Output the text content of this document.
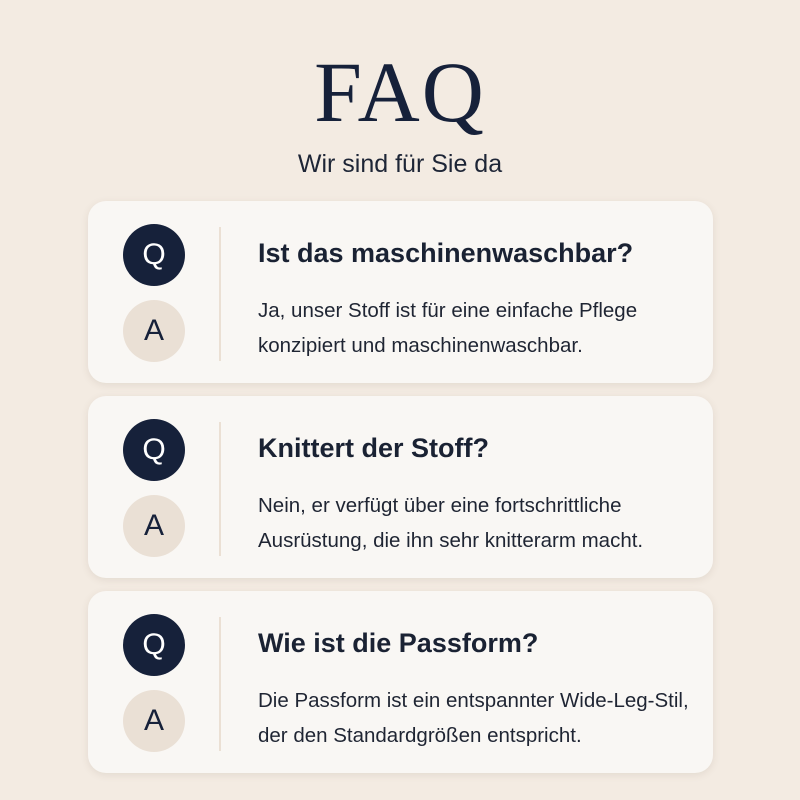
FAQ
Wir sind für Sie da
Q
A
Ist das maschinenwaschbar?
Ja, unser Stoff ist für eine einfache Pflege konzipiert und maschinenwaschbar.
Q
A
Knittert der Stoff?
Nein, er verfügt über eine fortschrittliche Ausrüstung, die ihn sehr knitterarm macht.
Q
A
Wie ist die Passform?
Die Passform ist ein entspannter Wide-Leg-Stil, der den Standardgrößen entspricht.
